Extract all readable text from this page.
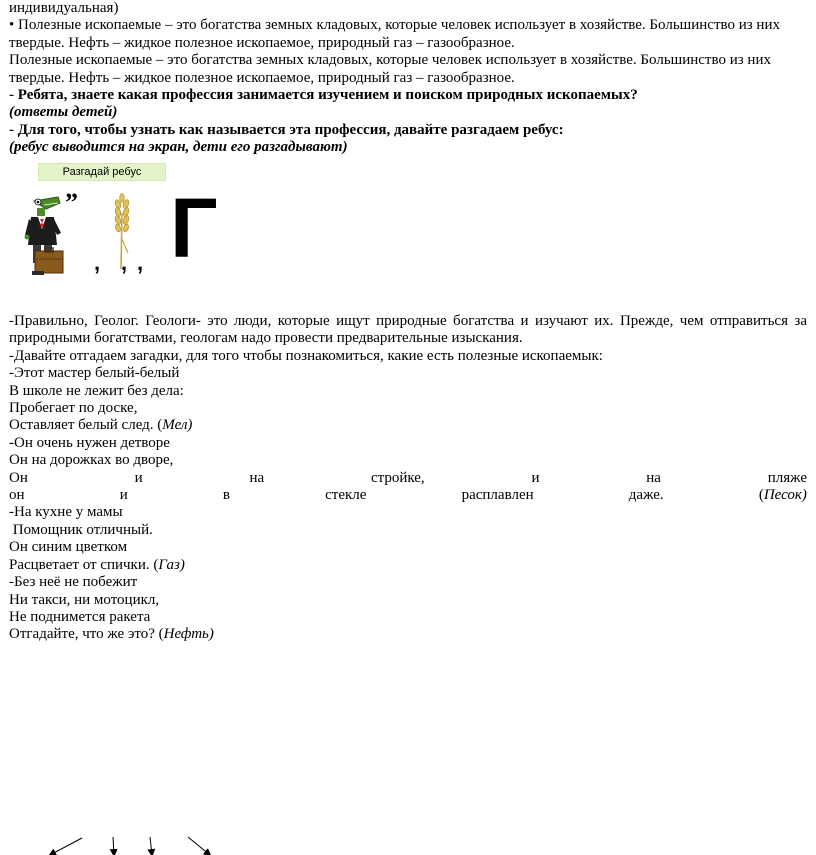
индивидуальная)
• Полезные ископаемые – это богатства земных кладовых, которые человек использует в хозяйстве. Большинство из них
твердые. Нефть – жидкое полезное ископаемое, природный газ – газообразное.
Полезные ископаемые – это богатства земных кладовых, которые человек использует в хозяйстве. Большинство из них
твердые. Нефть – жидкое полезное ископаемое, природный газ – газообразное.
- Ребята, знаете какая профессия занимается изучением и поиском природных ископаемых?
(ответы детей)
- Для того, чтобы узнать как называется эта профессия, давайте разгадаем ребус:
(ребус выводится на экран, дети его разгадывают)
Разгадай ребус
”
, , , Г
-Правильно, Геолог. Геологи- это люди, которые ищут природные богатства и изучают их. Прежде, чем отправиться за природными богатствами, геологам надо провести предварительные изыскания.
-Давайте отгадаем загадки, для того чтобы познакомиться, какие есть полезные ископаемык:
-Этот мастер белый-белый
В школе не лежит без дела:
Пробегает по доске,
Оставляет белый след. (Мел)
-Он очень нужен детворе
Он на дорожках во дворе,
Он	и	на	стройке,	и	на	пляже
он	и	в	стекле	расплавлен	даже.	(Песок)
-На кухне у мамы
Помощник отличный.
Он синим цветком
Расцветает от спички. (Газ)
-Без неё не побежит
Ни такси, ни мотоцикл,
Не поднимется ракета
Отгадайте, что же это? (Нефть)
